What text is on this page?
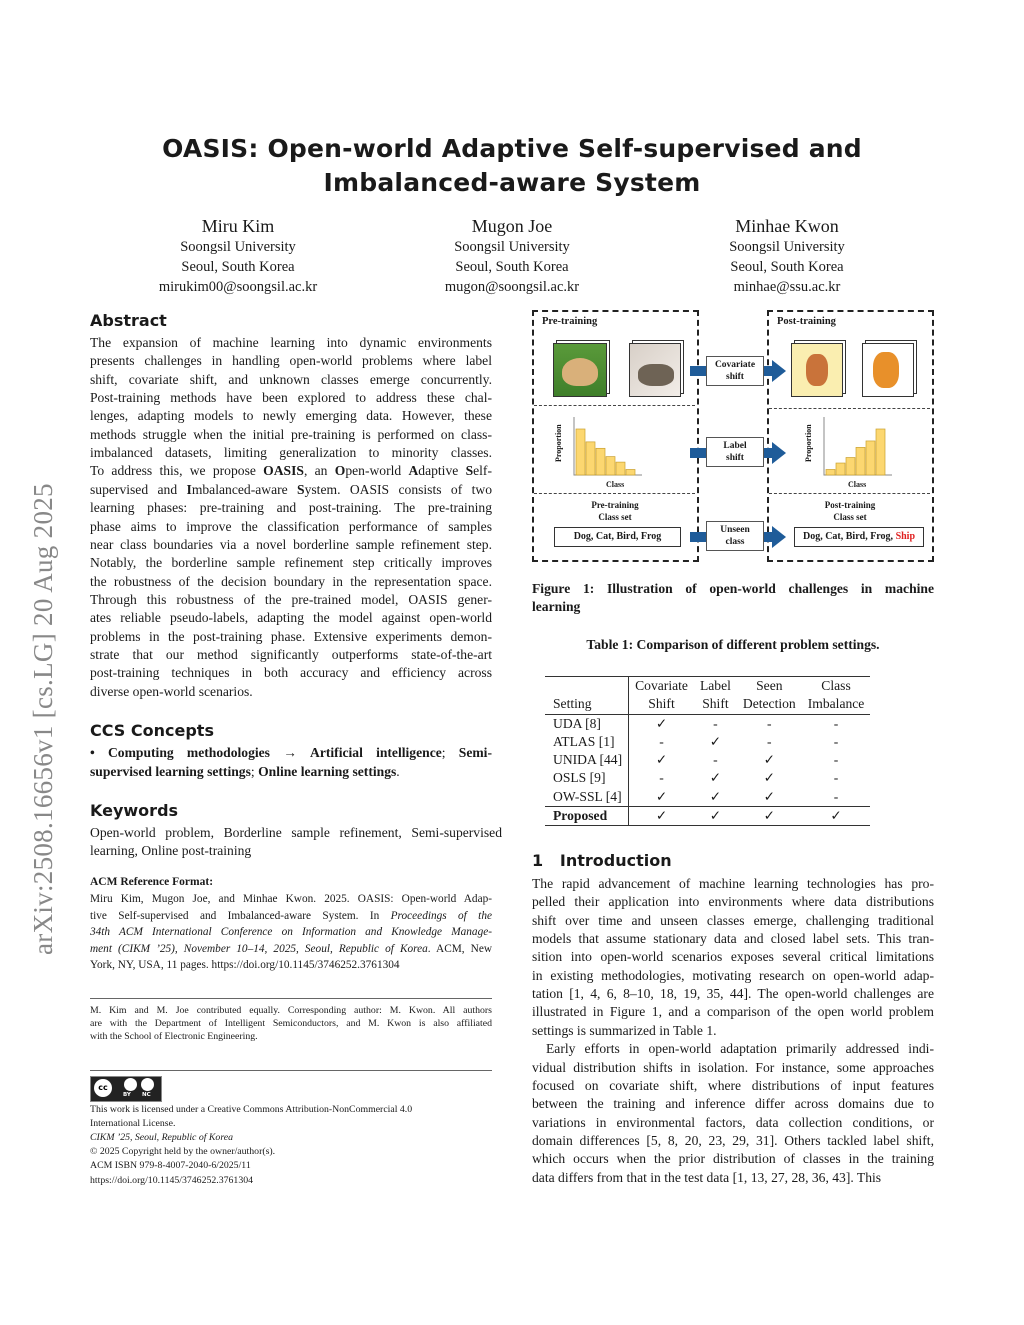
arXiv:2508.16656v1 [cs.LG] 20 Aug 2025
OASIS: Open-world Adaptive Self-supervised and
Imbalanced-aware System
Miru Kim
Soongsil University
Seoul, South Korea
mirukim00@soongsil.ac.kr
Mugon Joe
Soongsil University
Seoul, South Korea
mugon@soongsil.ac.kr
Minhae Kwon
Soongsil University
Seoul, South Korea
minhae@ssu.ac.kr
Abstract
The expansion of machine learning into dynamic environments
presents challenges in handling open-world problems where label
shift, covariate shift, and unknown classes emerge concurrently.
Post-training methods have been explored to address these chal-
lenges, adapting models to newly emerging data. However, these
methods struggle when the initial pre-training is performed on class-
imbalanced datasets, limiting generalization to minority classes.
To address this, we propose OASIS, an Open-world Adaptive Self-
supervised and Imbalanced-aware System. OASIS consists of two
learning phases: pre-training and post-training. The pre-training
phase aims to improve the classification performance of samples
near class boundaries via a novel borderline sample refinement step.
Notably, the borderline sample refinement step critically improves
the robustness of the decision boundary in the representation space.
Through this robustness of the pre-trained model, OASIS gener-
ates reliable pseudo-labels, adapting the model against open-world
problems in the post-training phase. Extensive experiments demon-
strate that our method significantly outperforms state-of-the-art
post-training techniques in both accuracy and efficiency across
diverse open-world scenarios.
CCS Concepts
• Computing methodologies → Artificial intelligence; Semi-
supervised learning settings; Online learning settings.
Keywords
Open-world problem, Borderline sample refinement, Semi-supervised
learning, Online post-training
ACM Reference Format:
Miru Kim, Mugon Joe, and Minhae Kwon. 2025. OASIS: Open-world Adap-
tive Self-supervised and Imbalanced-aware System. In Proceedings of the
34th ACM International Conference on Information and Knowledge Manage-
ment (CIKM ’25), November 10–14, 2025, Seoul, Republic of Korea. ACM, New
York, NY, USA, 11 pages. https://doi.org/10.1145/3746252.3761304
M. Kim and M. Joe contributed equally. Corresponding author: M. Kwon. All authors
are with the Department of Intelligent Semiconductors, and M. Kwon is also affiliated
with the School of Electronic Engineering.
cc
BY NC
This work is licensed under a Creative Commons Attribution-NonCommercial 4.0
International License.
CIKM ’25, Seoul, Republic of Korea
© 2025 Copyright held by the owner/author(s).
ACM ISBN 979-8-4007-2040-6/2025/11
https://doi.org/10.1145/3746252.3761304
Pre-training	Post-training
Proportion	Proportion
Class	Class
Pre-training
Class set
Post-training
Class set
Dog, Cat, Bird, Frog	Dog, Cat, Bird, Frog, Ship
Covariate
shift
Label
shift
Unseen
class
Figure 1: Illustration of open-world challenges in machine
learning
Table 1: Comparison of different problem settings.
	Covariate	Label	Seen	Class
Setting	Shift	Shift	Detection	Imbalance
UDA [8]	✓	-	-	-
ATLAS [1]	-	✓	-	-
UNIDA [44]	✓	-	✓	-
OSLS [9]	-	✓	✓	-
OW-SSL [4]	✓	✓	✓	-
Proposed	✓	✓	✓	✓
1 Introduction
The rapid advancement of machine learning technologies has pro-
pelled their application into environments where data distributions
shift over time and unseen classes emerge, challenging traditional
models that assume stationary data and closed label sets. This tran-
sition into open-world scenarios exposes several critical limitations
in existing methodologies, motivating research on open-world adap-
tation [1, 4, 6, 8–10, 18, 19, 35, 44]. The open-world challenges are
illustrated in Figure 1, and a comparison of the open world problem
settings is summarized in Table 1.
Early efforts in open-world adaptation primarily addressed indi-
vidual distribution shifts in isolation. For instance, some approaches
focused on covariate shift, where distributions of input features
between the training and inference differ across domains due to
variations in environmental factors, data collection conditions, or
domain differences [5, 8, 20, 23, 29, 31]. Others tackled label shift,
which occurs when the prior distribution of classes in the training
data differs from that in the test data [1, 13, 27, 28, 36, 43]. This
